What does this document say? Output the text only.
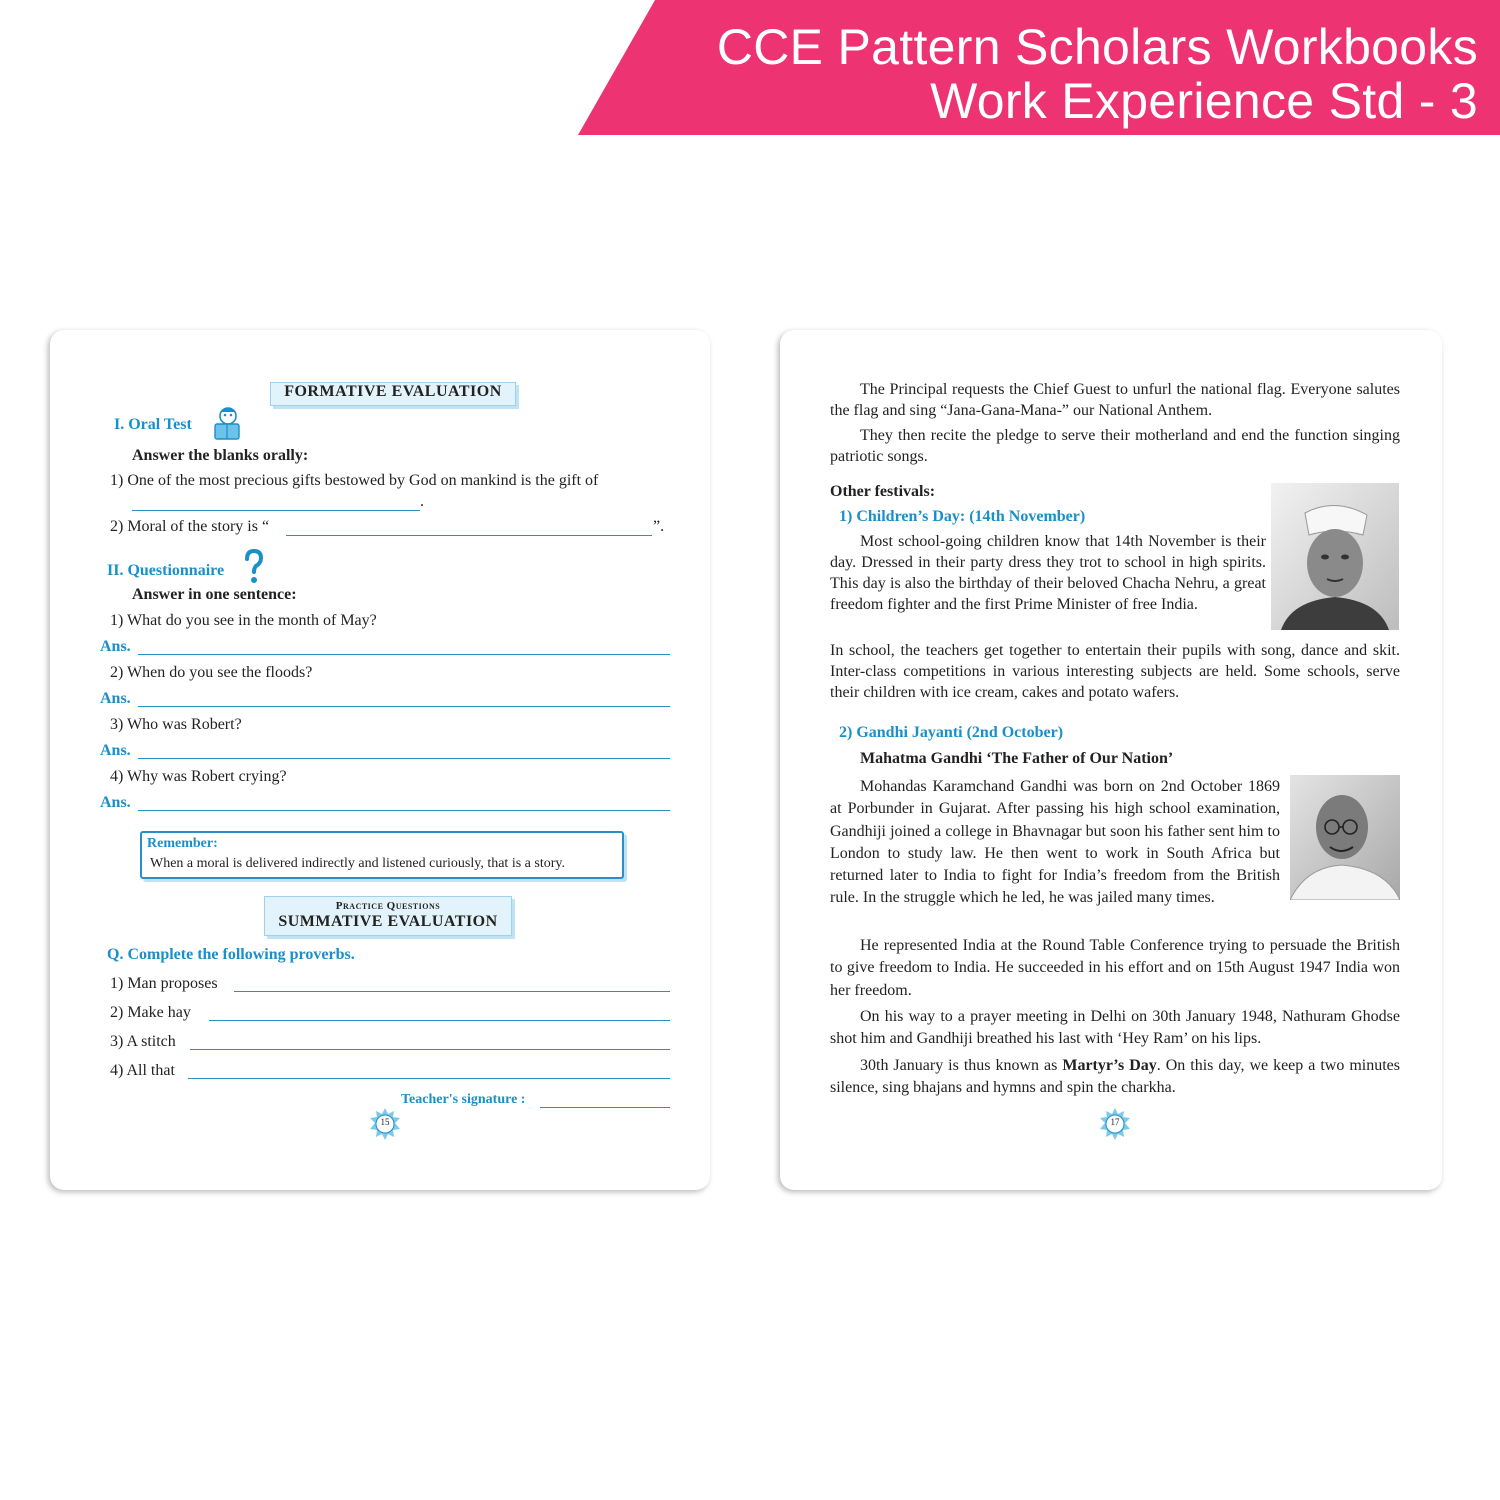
CCE Pattern Scholars Workbooks
Work Experience Std - 3
FORMATIVE EVALUATION
I. Oral Test
Answer the blanks orally:
1) One of the most precious gifts bestowed by God on mankind is the gift of
.
2) Moral of the story is “	”.
II. Questionnaire
Answer in one sentence:
1) What do you see in the month of May?
Ans.
2) When do you see the floods?
Ans.
3) Who was Robert?
Ans.
4) Why was Robert crying?
Ans.
Remember:
When a moral is delivered indirectly and listened curiously, that is a story.
Practice Questions
SUMMATIVE EVALUATION
Q. Complete the following proverbs.
1) Man proposes
2) Make hay
3) A stitch
4) All that
Teacher's signature :
15
The Principal requests the Chief Guest to unfurl the national flag. Everyone salutes the flag and sing “Jana-Gana-Mana-” our National Anthem.
They then recite the pledge to serve their motherland and end the function singing patriotic songs.
Other festivals:
1) Children’s Day: (14th November)
Most school-going children know that 14th November is their day. Dressed in their party dress they trot to school in high spirits. This day is also the birthday of their beloved Chacha Nehru, a great freedom fighter and the first Prime Minister of free India.
In school, the teachers get together to entertain their pupils with song, dance and skit. Inter-class competitions in various interesting subjects are held. Some schools, serve their children with ice cream, cakes and potato wafers.
2) Gandhi Jayanti (2nd October)
Mahatma Gandhi ‘The Father of Our Nation’
Mohandas Karamchand Gandhi was born on 2nd October 1869 at Porbunder in Gujarat. After passing his high school examination, Gandhiji joined a college in Bhavnagar but soon his father sent him to London to study law. He then went to work in South Africa but returned later to India to fight for India’s freedom from the British rule. In the struggle which he led, he was jailed many times.
He represented India at the Round Table Conference trying to persuade the British to give freedom to India. He succeeded in his effort and on 15th August 1947 India won her freedom.
On his way to a prayer meeting in Delhi on 30th January 1948, Nathuram Ghodse shot him and Gandhiji breathed his last with ‘Hey Ram’ on his lips.
30th January is thus known as Martyr’s Day. On this day, we keep a two minutes silence, sing bhajans and hymns and spin the charkha.
17
